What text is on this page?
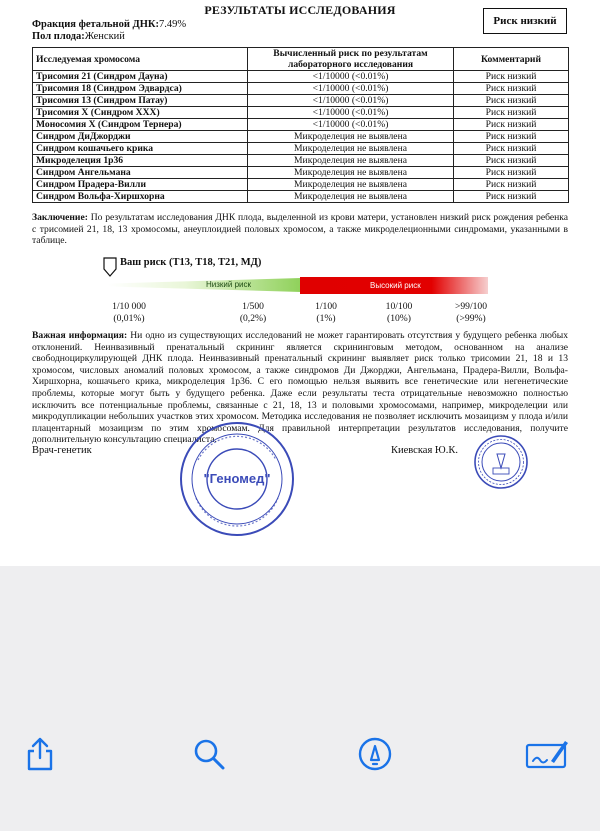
РЕЗУЛЬТАТЫ ИССЛЕДОВАНИЯ
Риск низкий
Фракция фетальной ДНК:7.49%
Пол плода:Женский
Исследуемая хромосома	Вычисленный риск по результатам лабораторного исследования	Комментарий
Трисомия 21 (Синдром Дауна)	<1/10000 (<0.01%)	Риск низкий
Трисомия 18 (Синдром Эдвардса)	<1/10000 (<0.01%)	Риск низкий
Трисомия 13 (Синдром Патау)	<1/10000 (<0.01%)	Риск низкий
Трисомия Х (Синдром ХХХ)	<1/10000 (<0.01%)	Риск низкий
Моносомия Х (Синдром Тернера)	<1/10000 (<0.01%)	Риск низкий
Синдром ДиДжорджи	Микроделеция не выявлена	Риск низкий
Синдром кошачьего крика	Микроделеция не выявлена	Риск низкий
Микроделеция 1р36	Микроделеция не выявлена	Риск низкий
Синдром Ангельмана	Микроделеция не выявлена	Риск низкий
Синдром Прадера-Вилли	Микроделеция не выявлена	Риск низкий
Синдром Вольфа-Хиршхорна	Микроделеция не выявлена	Риск низкий
Заключение: По результатам исследования ДНК плода, выделенной из крови матери, установлен низкий риск рождения ребенка с трисомией 21, 18, 13 хромосомы, анеуплоидией половых хромосом, а также микроделеционными синдромами, указанными в таблице.
Ваш риск (Т13, Т18, Т21, МД)
Низкий риск	Высокий риск
1/10 000
(0,01%)
1/500
(0,2%)
1/100
(1%)
10/100
(10%)
>99/100
(>99%)
Важная информация: Ни одно из существующих исследований не может гарантировать отсутствия у будущего ребенка любых отклонений. Неинвазивный пренатальный скрининг является скрининговым методом, основанном на анализе свободноциркулирующей ДНК плода. Неинвазивный пренатальный скрининг выявляет риск только трисомии 21, 18 и 13 хромосом, числовых аномалий половых хромосом, а также синдромов Ди Джорджи, Ангельмана, Прадера-Вилли, Вольфа-Хиршхорна, кошачьего крика, микроделеция 1р36. С его помощью нельзя выявить все генетические или негенетические проблемы, которые могут быть у будущего ребенка. Даже если результаты теста отрицательные невозможно полностью исключить все потенциальные проблемы, связанные с 21, 18, 13 и половыми хромосомами, например, микроделеции или микродупликации небольших участков этих хромосом. Методика исследования не позволяет исключить мозаицизм у плода и/или плацентарный мозаицизм по этим хромосомам. Для правильной интерпретации результатов исследования, получите дополнительную консультацию специалиста.
Врач-генетик	Киевская Ю.К.
"Геномед"
